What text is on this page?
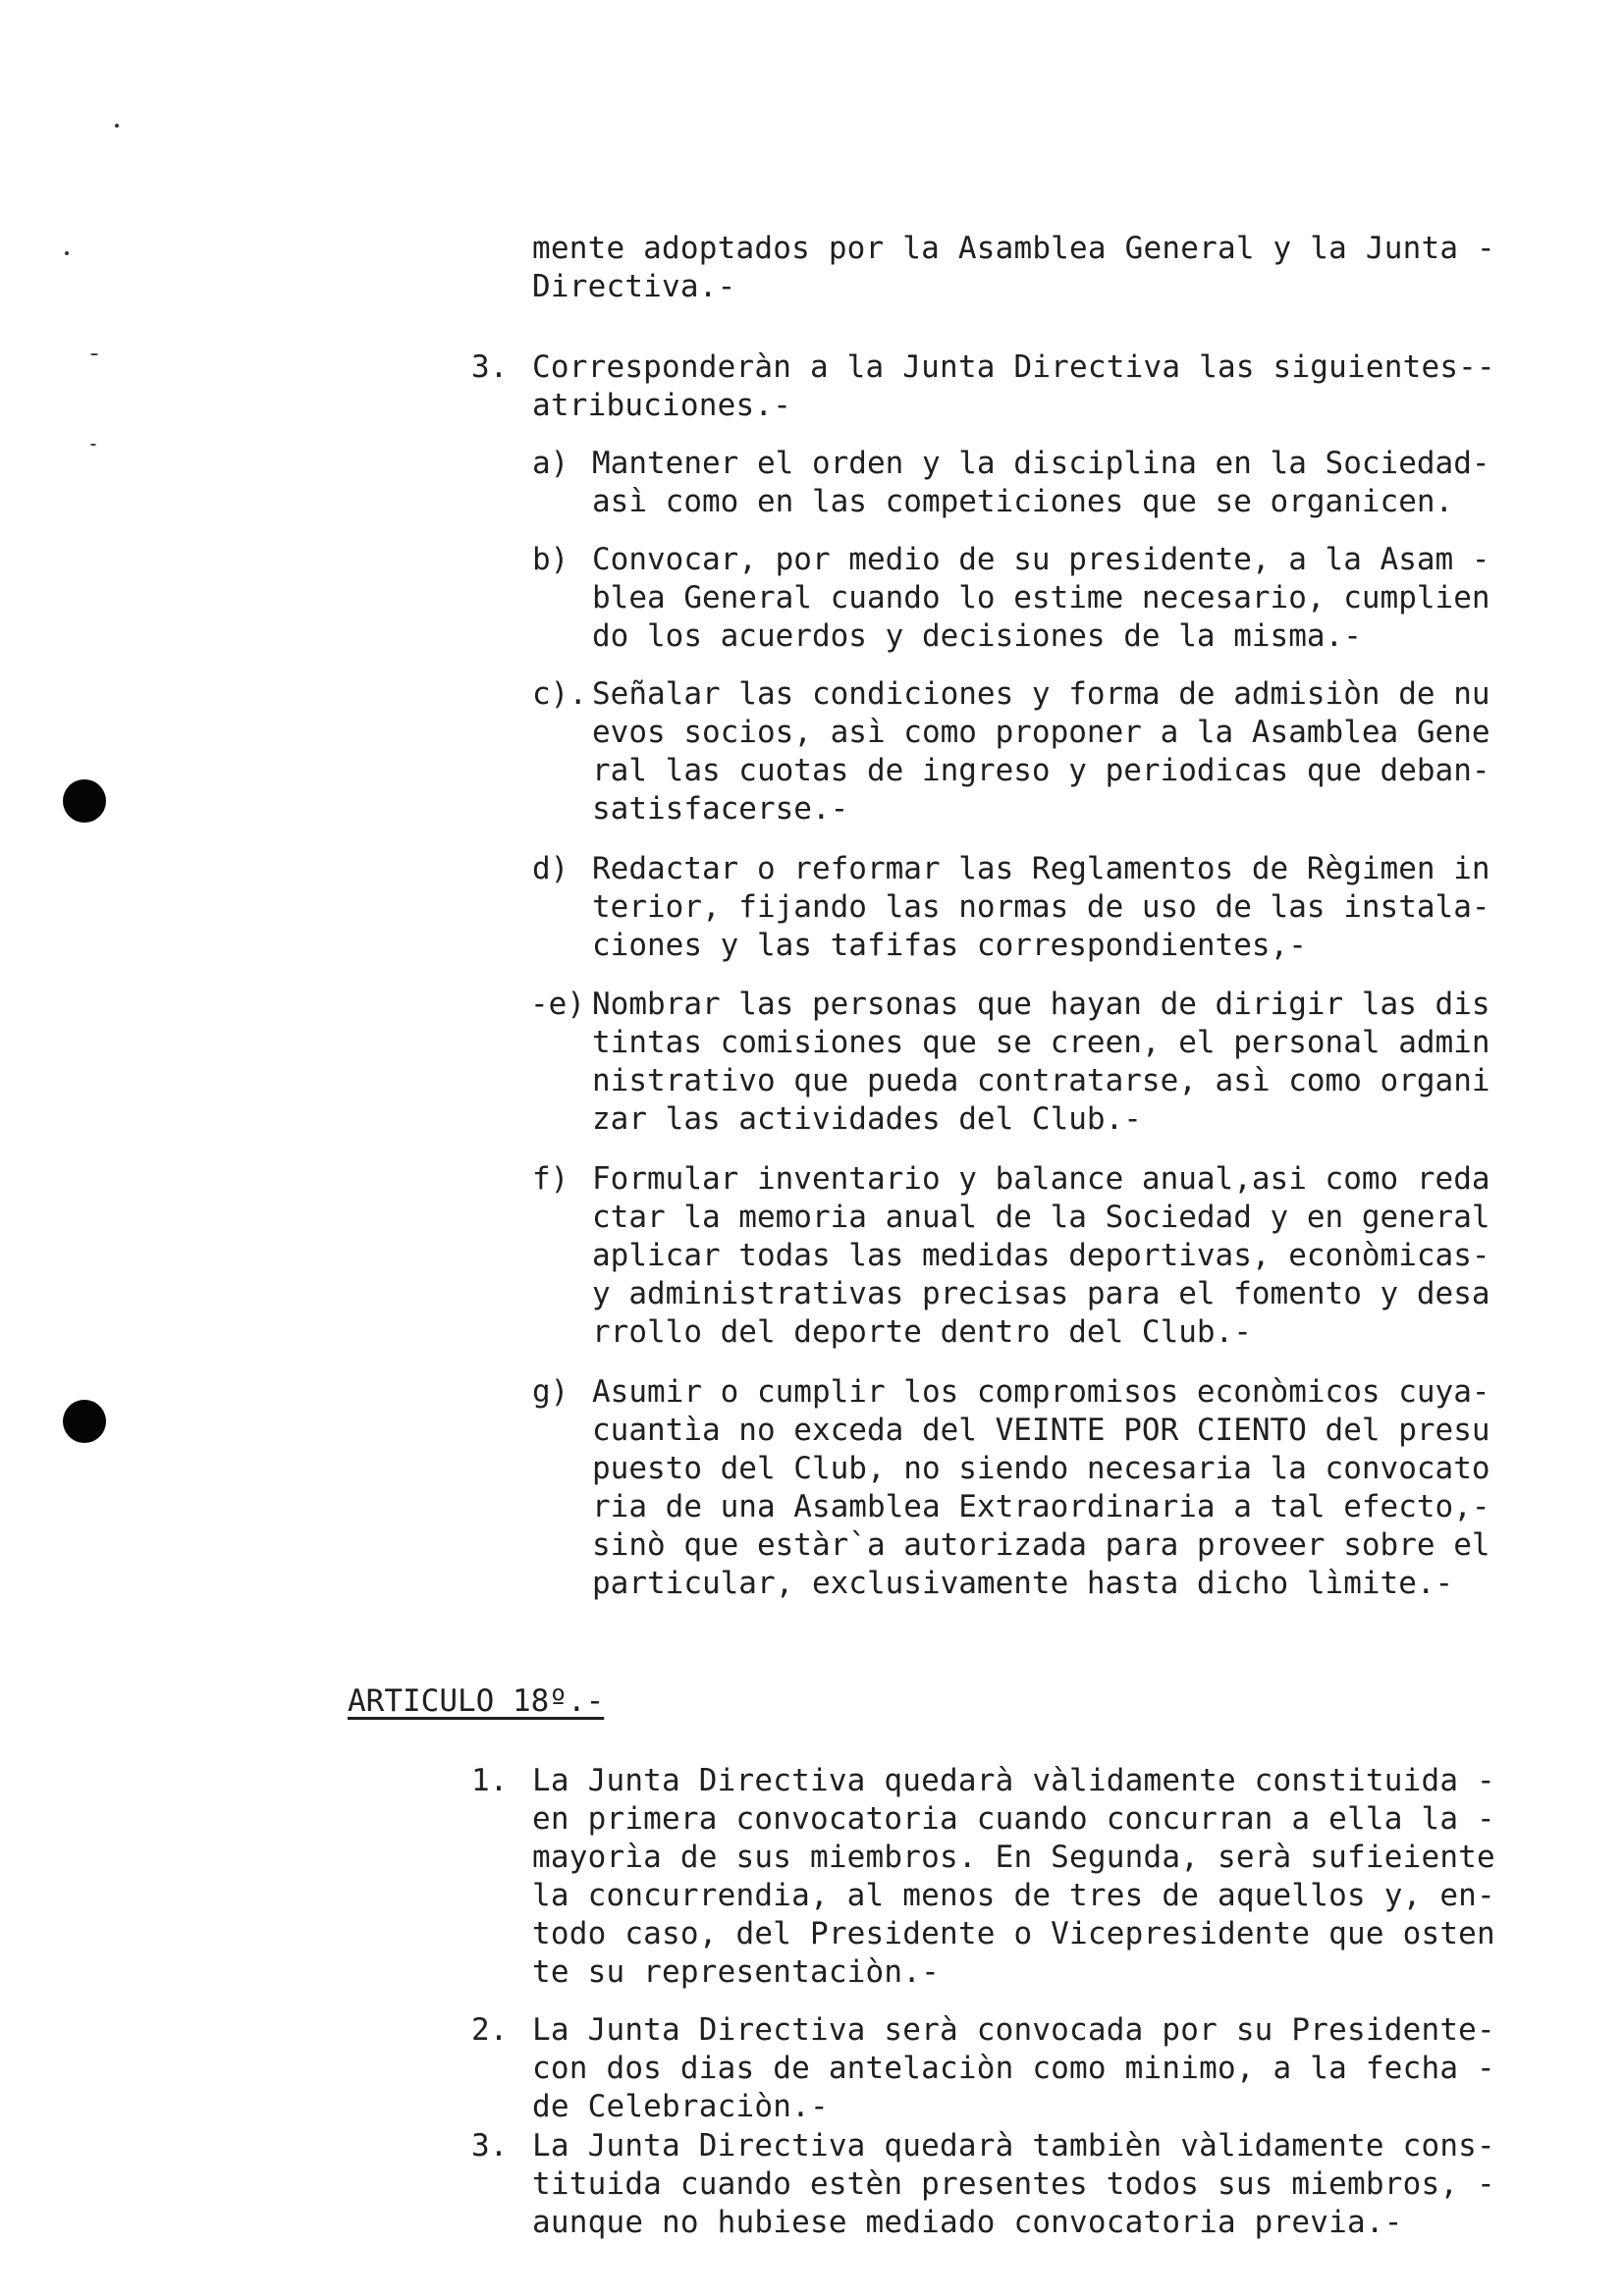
mente adoptados por la Asamblea General y la Junta -
Directiva.-
3. Corresponderàn a la Junta Directiva las siguientes--
atribuciones.-
a) Mantener el orden y la disciplina en la Sociedad-
asì como en las competiciones que se organicen.
b) Convocar, por medio de su presidente, a la Asam -
blea General cuando lo estime necesario, cumplien
do los acuerdos y decisiones de la misma.-
c). Señalar las condiciones y forma de admisiòn de nu
evos socios, asì como proponer a la Asamblea Gene
ral las cuotas de ingreso y periodicas que deban-
satisfacerse.-
d) Redactar o reformar las Reglamentos de Règimen in
terior, fijando las normas de uso de las instala-
ciones y las tafifas correspondientes,-
-e) Nombrar las personas que hayan de dirigir las dis
tintas comisiones que se creen, el personal admin
nistrativo que pueda contratarse, asì como organi
zar las actividades del Club.-
f) Formular inventario y balance anual,asi como reda
ctar la memoria anual de la Sociedad y en general
aplicar todas las medidas deportivas, econòmicas-
y administrativas precisas para el fomento y desa
rrollo del deporte dentro del Club.-
g) Asumir o cumplir los compromisos econòmicos cuya-
cuantìa no exceda del VEINTE POR CIENTO del presu
puesto del Club, no siendo necesaria la convocato
ria de una Asamblea Extraordinaria a tal efecto,-
sinò que estàr`a autorizada para proveer sobre el
particular, exclusivamente hasta dicho lìmite.-
ARTICULO 18º.-
1. La Junta Directiva quedarà vàlidamente constituida -
en primera convocatoria cuando concurran a ella la -
mayorìa de sus miembros. En Segunda, serà sufieiente
la concurrendia, al menos de tres de aquellos y, en-
todo caso, del Presidente o Vicepresidente que osten
te su representaciòn.-
2. La Junta Directiva serà convocada por su Presidente-
con dos dias de antelaciòn como minimo, a la fecha -
de Celebraciòn.-
3. La Junta Directiva quedarà tambièn vàlidamente cons-
tituida cuando estèn presentes todos sus miembros, -
aunque no hubiese mediado convocatoria previa.-
